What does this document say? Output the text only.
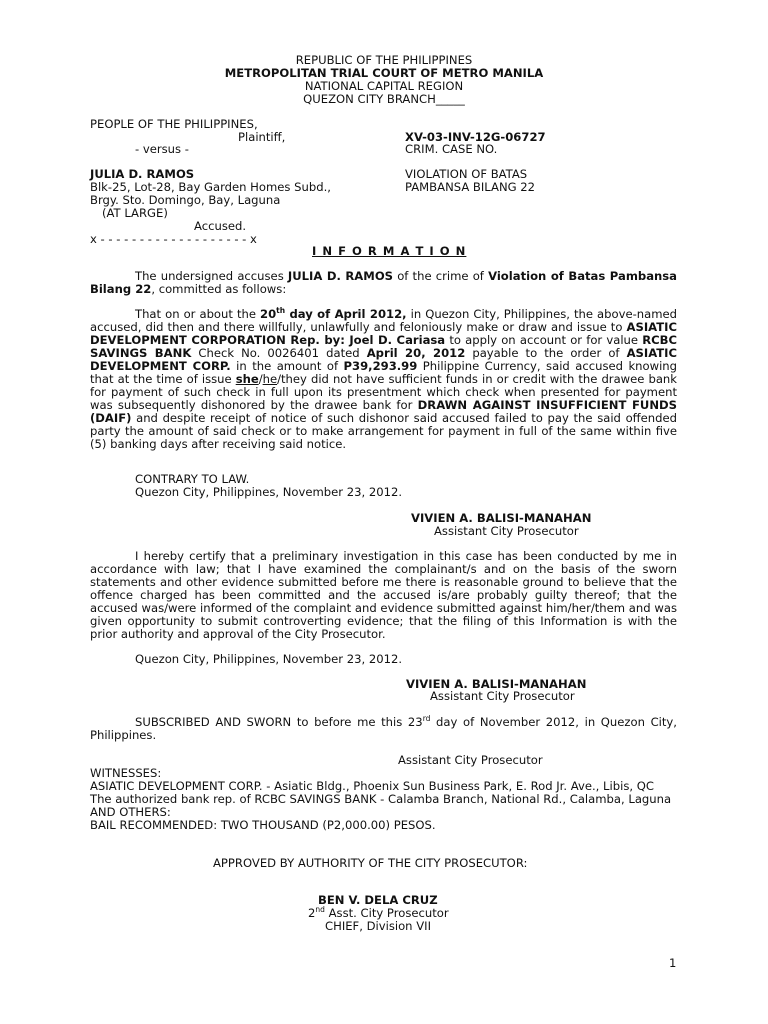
REPUBLIC OF THE PHILIPPINES
METROPOLITAN TRIAL COURT OF METRO MANILA
NATIONAL CAPITAL REGION
QUEZON CITY BRANCH_____
PEOPLE OF THE PHILIPPINES,
Plaintiff,
- versus -
JULIA D. RAMOS
Blk-25, Lot-28, Bay Garden Homes Subd.,
Brgy. Sto. Domingo, Bay, Laguna
(AT LARGE)
Accused.
x - - - - - - - - - - - - - - - - - - - x
XV-03-INV-12G-06727
CRIM. CASE NO.
VIOLATION OF BATAS
PAMBANSA BILANG 22
I N F O R M A T I O N
The undersigned accuses JULIA D. RAMOS of the crime of Violation of Batas Pambansa Bilang 22, committed as follows:
That on or about the 20th day of April 2012, in Quezon City, Philippines, the above-named accused, did then and there willfully, unlawfully and feloniously make or draw and issue to ASIATIC DEVELOPMENT CORPORATION Rep. by: Joel D. Cariasa to apply on account or for value RCBC SAVINGS BANK Check No. 0026401 dated April 20, 2012 payable to the order of ASIATIC DEVELOPMENT CORP. in the amount of P39,293.99 Philippine Currency, said accused knowing that at the time of issue she/he/they did not have sufficient funds in or credit with the drawee bank for payment of such check in full upon its presentment which check when presented for payment was subsequently dishonored by the drawee bank for DRAWN AGAINST INSUFFICIENT FUNDS (DAIF) and despite receipt of notice of such dishonor said accused failed to pay the said offended party the amount of said check or to make arrangement for payment in full of the same within five (5) banking days after receiving said notice.
CONTRARY TO LAW.
Quezon City, Philippines, November 23, 2012.
VIVIEN A. BALISI-MANAHAN
Assistant City Prosecutor
I hereby certify that a preliminary investigation in this case has been conducted by me in accordance with law; that I have examined the complainant/s and on the basis of the sworn statements and other evidence submitted before me there is reasonable ground to believe that the offence charged has been committed and the accused is/are probably guilty thereof; that the accused was/were informed of the complaint and evidence submitted against him/her/them and was given opportunity to submit controverting evidence; that the filing of this Information is with the prior authority and approval of the City Prosecutor.
Quezon City, Philippines, November 23, 2012.
VIVIEN A. BALISI-MANAHAN
Assistant City Prosecutor
SUBSCRIBED AND SWORN to before me this 23rd day of November 2012, in Quezon City, Philippines.
Assistant City Prosecutor
WITNESSES:
ASIATIC DEVELOPMENT CORP. - Asiatic Bldg., Phoenix Sun Business Park, E. Rod Jr. Ave., Libis, QC
The authorized bank rep. of RCBC SAVINGS BANK - Calamba Branch, National Rd., Calamba, Laguna
AND OTHERS:
BAIL RECOMMENDED: TWO THOUSAND (P2,000.00) PESOS.
APPROVED BY AUTHORITY OF THE CITY PROSECUTOR:
BEN V. DELA CRUZ
2nd Asst. City Prosecutor
CHIEF, Division VII
1
